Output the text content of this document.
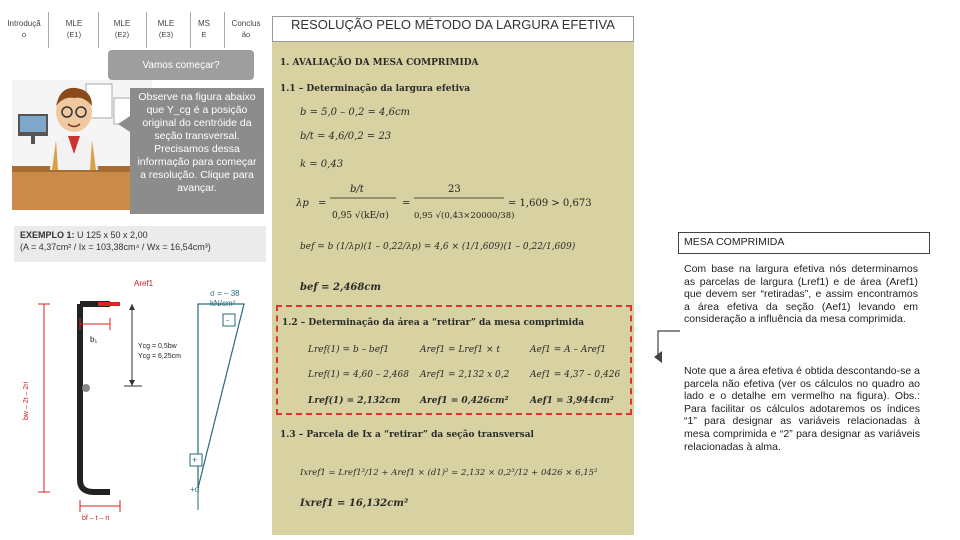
Introduçã
o
MLE
(E1)
MLE
(E2)
MLE
(E3)
MS
E
Conclus
ão
Vamos começar?
Observe na figura abaixo que Y_cg é a posição original do centróide da seção transversal. Precisamos dessa informação para começar a resolução. Clique para avançar.
EXEMPLO 1: U 125 x 50 x 2,00
(A = 4,37cm² / Ix = 103,38cm⁴ / Wx = 16,54cm³)
Aref1
σ = – 38
kN/cm²
-
+
+σ
b₁
Ycg = 0,5bw
Ycg = 6,25cm
bw – 2t – 2ri
bf – t – ri
RESOLUÇÃO PELO MÉTODO DA LARGURA EFETIVA
1. AVALIAÇÃO DA MESA COMPRIMIDA
1.1 – Determinação da largura efetiva
b = 5,0 – 0,2 = 4,6cm
b/t = 4,6/0,2 = 23
k = 0,43
λp =
b/t
0,95 √(kE/σ)
=
23
0,95 √(0,43×20000/38)
= 1,609 > 0,673
bef = b (1/λp)(1 – 0,22/λp) = 4,6 × (1/1,609)(1 – 0,22/1,609)
bef = 2,468cm
1.2 – Determinação da área a “retirar” da mesa comprimida
Lref(1) = b – bef1	Aref1 = Lref1 × t	Aef1 = A – Aref1
Lref(1) = 4,60 – 2,468 Aref1 = 2,132 x 0,2 Aef1 = 4,37 – 0,426
Lref(1) = 2,132cm Aref1 = 0,426cm² Aef1 = 3,944cm²
1.3 – Parcela de Ix a “retirar” da seção transversal
Ixref1 = Lref1³/12 + Aref1 × (d1)² = 2,132 × 0,2³/12 + 0426 × 6,15²
Ixref1 = 16,132cm²
MESA COMPRIMIDA
Com base na largura efetiva nós determinamos as parcelas de largura (Lref1) e de área (Aref1) que devem ser “retiradas”, e assim encontramos a área efetiva da seção (Aef1) levando em consideração a influência da mesa comprimida.
Note que a área efetiva é obtida descontando-se a parcela não efetiva (ver os cálculos no quadro ao lado e o detalhe em vermelho na figura). Obs.: Para facilitar os cálculos adotaremos os índices “1” para designar as variáveis relacionadas à mesa comprimida e “2” para designar as variáveis relacionadas à alma.
